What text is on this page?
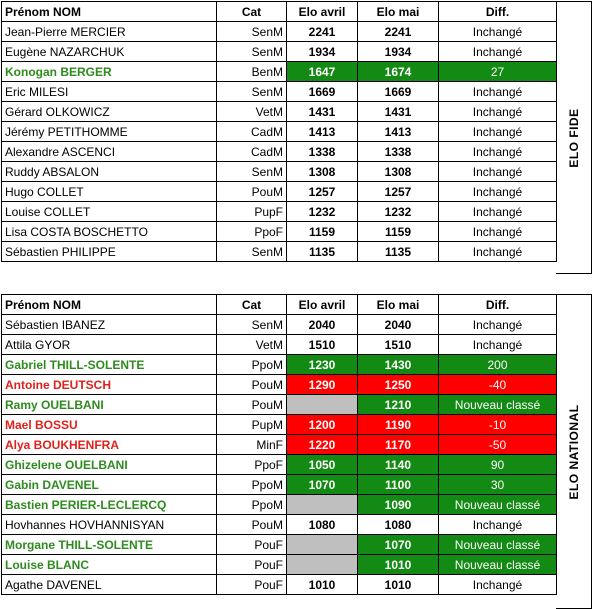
Prénom NOM	Cat	Elo avril	Elo mai	Diff.
Jean-Pierre MERCIER	SenM	2241	2241	Inchangé
Eugène NAZARCHUK	SenM	1934	1934	Inchangé
Konogan BERGER	BenM	1647	1674	27
Eric MILESI	SenM	1669	1669	Inchangé
Gérard OLKOWICZ	VetM	1431	1431	Inchangé
Jérémy PETITHOMME	CadM	1413	1413	Inchangé
Alexandre ASCENCI	CadM	1338	1338	Inchangé
Ruddy ABSALON	SenM	1308	1308	Inchangé
Hugo COLLET	PouM	1257	1257	Inchangé
Louise COLLET	PupF	1232	1232	Inchangé
Lisa COSTA BOSCHETTO	PpoF	1159	1159	Inchangé
Sébastien PHILIPPE	SenM	1135	1135	Inchangé
ELO FIDE
Prénom NOM	Cat	Elo avril	Elo mai	Diff.
Sébastien IBANEZ	SenM	2040	2040	Inchangé
Attila GYOR	VetM	1510	1510	Inchangé
Gabriel THILL-SOLENTE	PpoM	1230	1430	200
Antoine DEUTSCH	PouM	1290	1250	-40
Ramy OUELBANI	PouM		1210	Nouveau classé
Mael BOSSU	PupM	1200	1190	-10
Alya BOUKHENFRA	MinF	1220	1170	-50
Ghizelene OUELBANI	PpoF	1050	1140	90
Gabin DAVENEL	PpoM	1070	1100	30
Bastien PERIER-LECLERCQ	PpoM		1090	Nouveau classé
Hovhannes HOVHANNISYAN	PouM	1080	1080	Inchangé
Morgane THILL-SOLENTE	PouF		1070	Nouveau classé
Louise BLANC	PouF		1010	Nouveau classé
Agathe DAVENEL	PouF	1010	1010	Inchangé
ELO NATIONAL
